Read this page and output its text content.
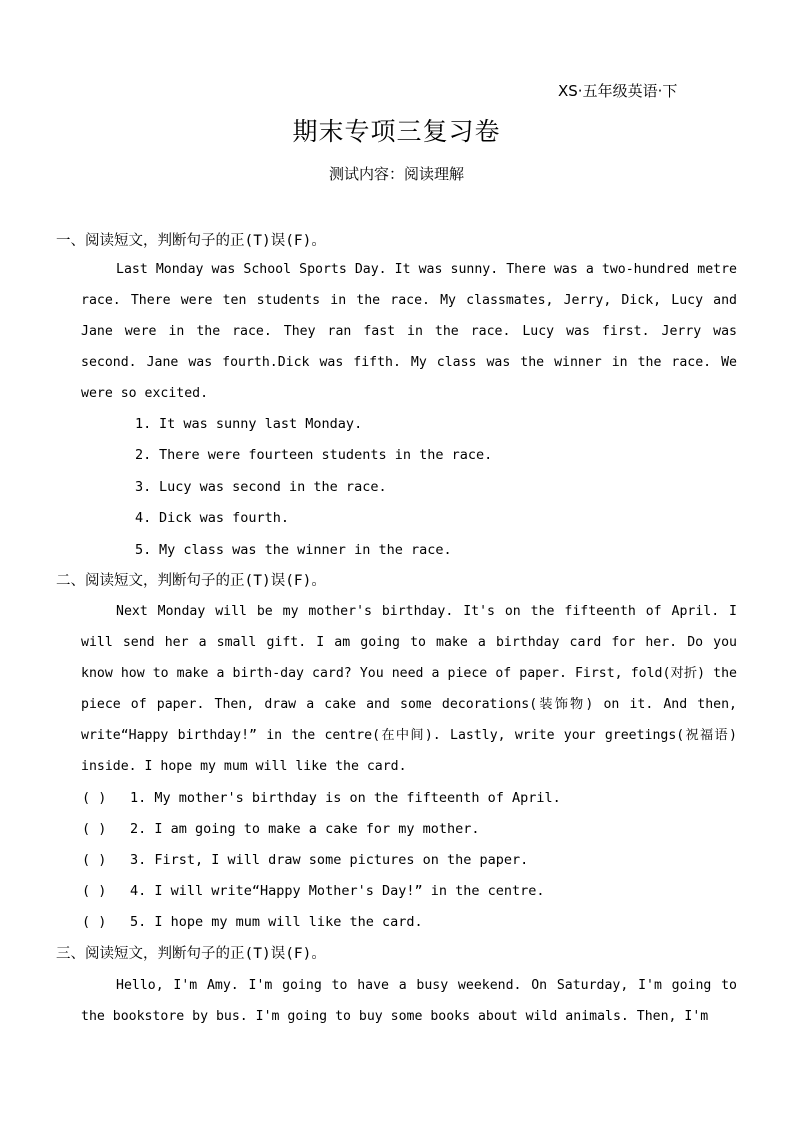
XS·五年级英语·下
期末专项三复习卷
测试内容：阅读理解
一、阅读短文，判断句子的正(T)误(F)。
Last Monday was School Sports Day. It was sunny. There was a two-hundred metre race. There were ten students in the race. My classmates, Jerry, Dick, Lucy and Jane were in the race. They ran fast in the race. Lucy was first. Jerry was second. Jane was fourth.Dick was fifth. My class was the winner in the race. We were so excited.
1. It was sunny last Monday.
2. There were fourteen students in the race.
3. Lucy was second in the race.
4. Dick was fourth.
5. My class was the winner in the race.
二、阅读短文，判断句子的正(T)误(F)。
Next Monday will be my mother's birthday. It's on the fifteenth of April. I will send her a small gift. I am going to make a birthday card for her. Do you know how to make a birth-day card? You need a piece of paper. First, fold(对折) the piece of paper. Then, draw a cake and some decorations(装饰物) on it. And then, write“Happy birthday!” in the centre(在中间). Lastly, write your greetings(祝福语) inside. I hope my mum will like the card.
( ) 1. My mother's birthday is on the fifteenth of April.
( ) 2. I am going to make a cake for my mother.
( ) 3. First, I will draw some pictures on the paper.
( ) 4. I will write“Happy Mother's Day!” in the centre.
( ) 5. I hope my mum will like the card.
三、阅读短文，判断句子的正(T)误(F)。
Hello, I'm Amy. I'm going to have a busy weekend. On Saturday, I'm going to the bookstore by bus. I'm going to buy some books about wild animals. Then, I'm
